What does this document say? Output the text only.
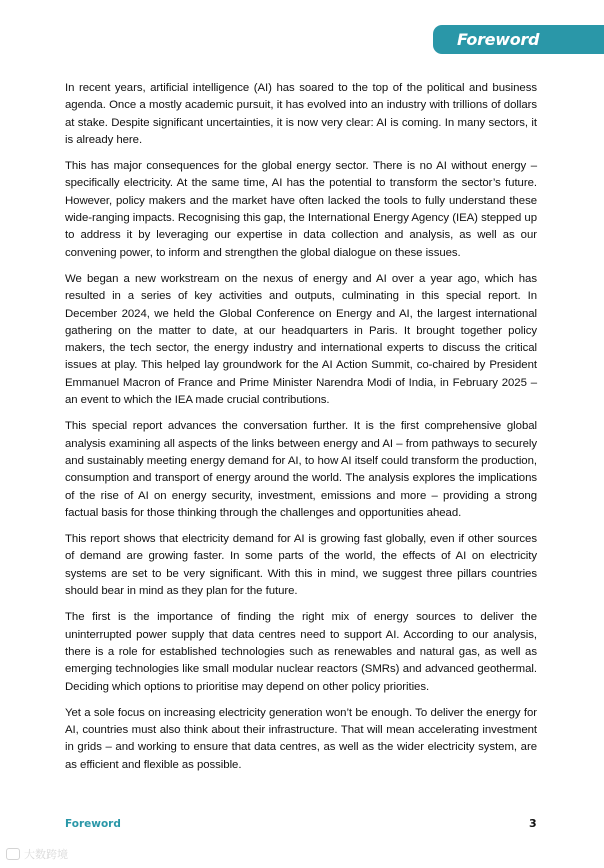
Foreword

In recent years, artificial intelligence (AI) has soared to the top of the political and business agenda. Once a mostly academic pursuit, it has evolved into an industry with trillions of dollars at stake. Despite significant uncertainties, it is now very clear: AI is coming. In many sectors, it is already here.

This has major consequences for the global energy sector. There is no AI without energy – specifically electricity. At the same time, AI has the potential to transform the sector’s future. However, policy makers and the market have often lacked the tools to fully understand these wide-ranging impacts. Recognising this gap, the International Energy Agency (IEA) stepped up to address it by leveraging our expertise in data collection and analysis, as well as our convening power, to inform and strengthen the global dialogue on these issues.

We began a new workstream on the nexus of energy and AI over a year ago, which has resulted in a series of key activities and outputs, culminating in this special report. In December 2024, we held the Global Conference on Energy and AI, the largest international gathering on the matter to date, at our headquarters in Paris. It brought together policy makers, the tech sector, the energy industry and international experts to discuss the critical issues at play. This helped lay groundwork for the AI Action Summit, co-chaired by President Emmanuel Macron of France and Prime Minister Narendra Modi of India, in February 2025 – an event to which the IEA made crucial contributions.

This special report advances the conversation further. It is the first comprehensive global analysis examining all aspects of the links between energy and AI – from pathways to securely and sustainably meeting energy demand for AI, to how AI itself could transform the production, consumption and transport of energy around the world. The analysis explores the implications of the rise of AI on energy security, investment, emissions and more – providing a strong factual basis for those thinking through the challenges and opportunities ahead.

This report shows that electricity demand for AI is growing fast globally, even if other sources of demand are growing faster. In some parts of the world, the effects of AI on electricity systems are set to be very significant. With this in mind, we suggest three pillars countries should bear in mind as they plan for the future.

The first is the importance of finding the right mix of energy sources to deliver the uninterrupted power supply that data centres need to support AI. According to our analysis, there is a role for established technologies such as renewables and natural gas, as well as emerging technologies like small modular nuclear reactors (SMRs) and advanced geothermal. Deciding which options to prioritise may depend on other policy priorities.

Yet a sole focus on increasing electricity generation won’t be enough. To deliver the energy for AI, countries must also think about their infrastructure. That will mean accelerating investment in grids – and working to ensure that data centres, as well as the wider electricity system, are as efficient and flexible as possible.

Foreword	3
大数跨境
